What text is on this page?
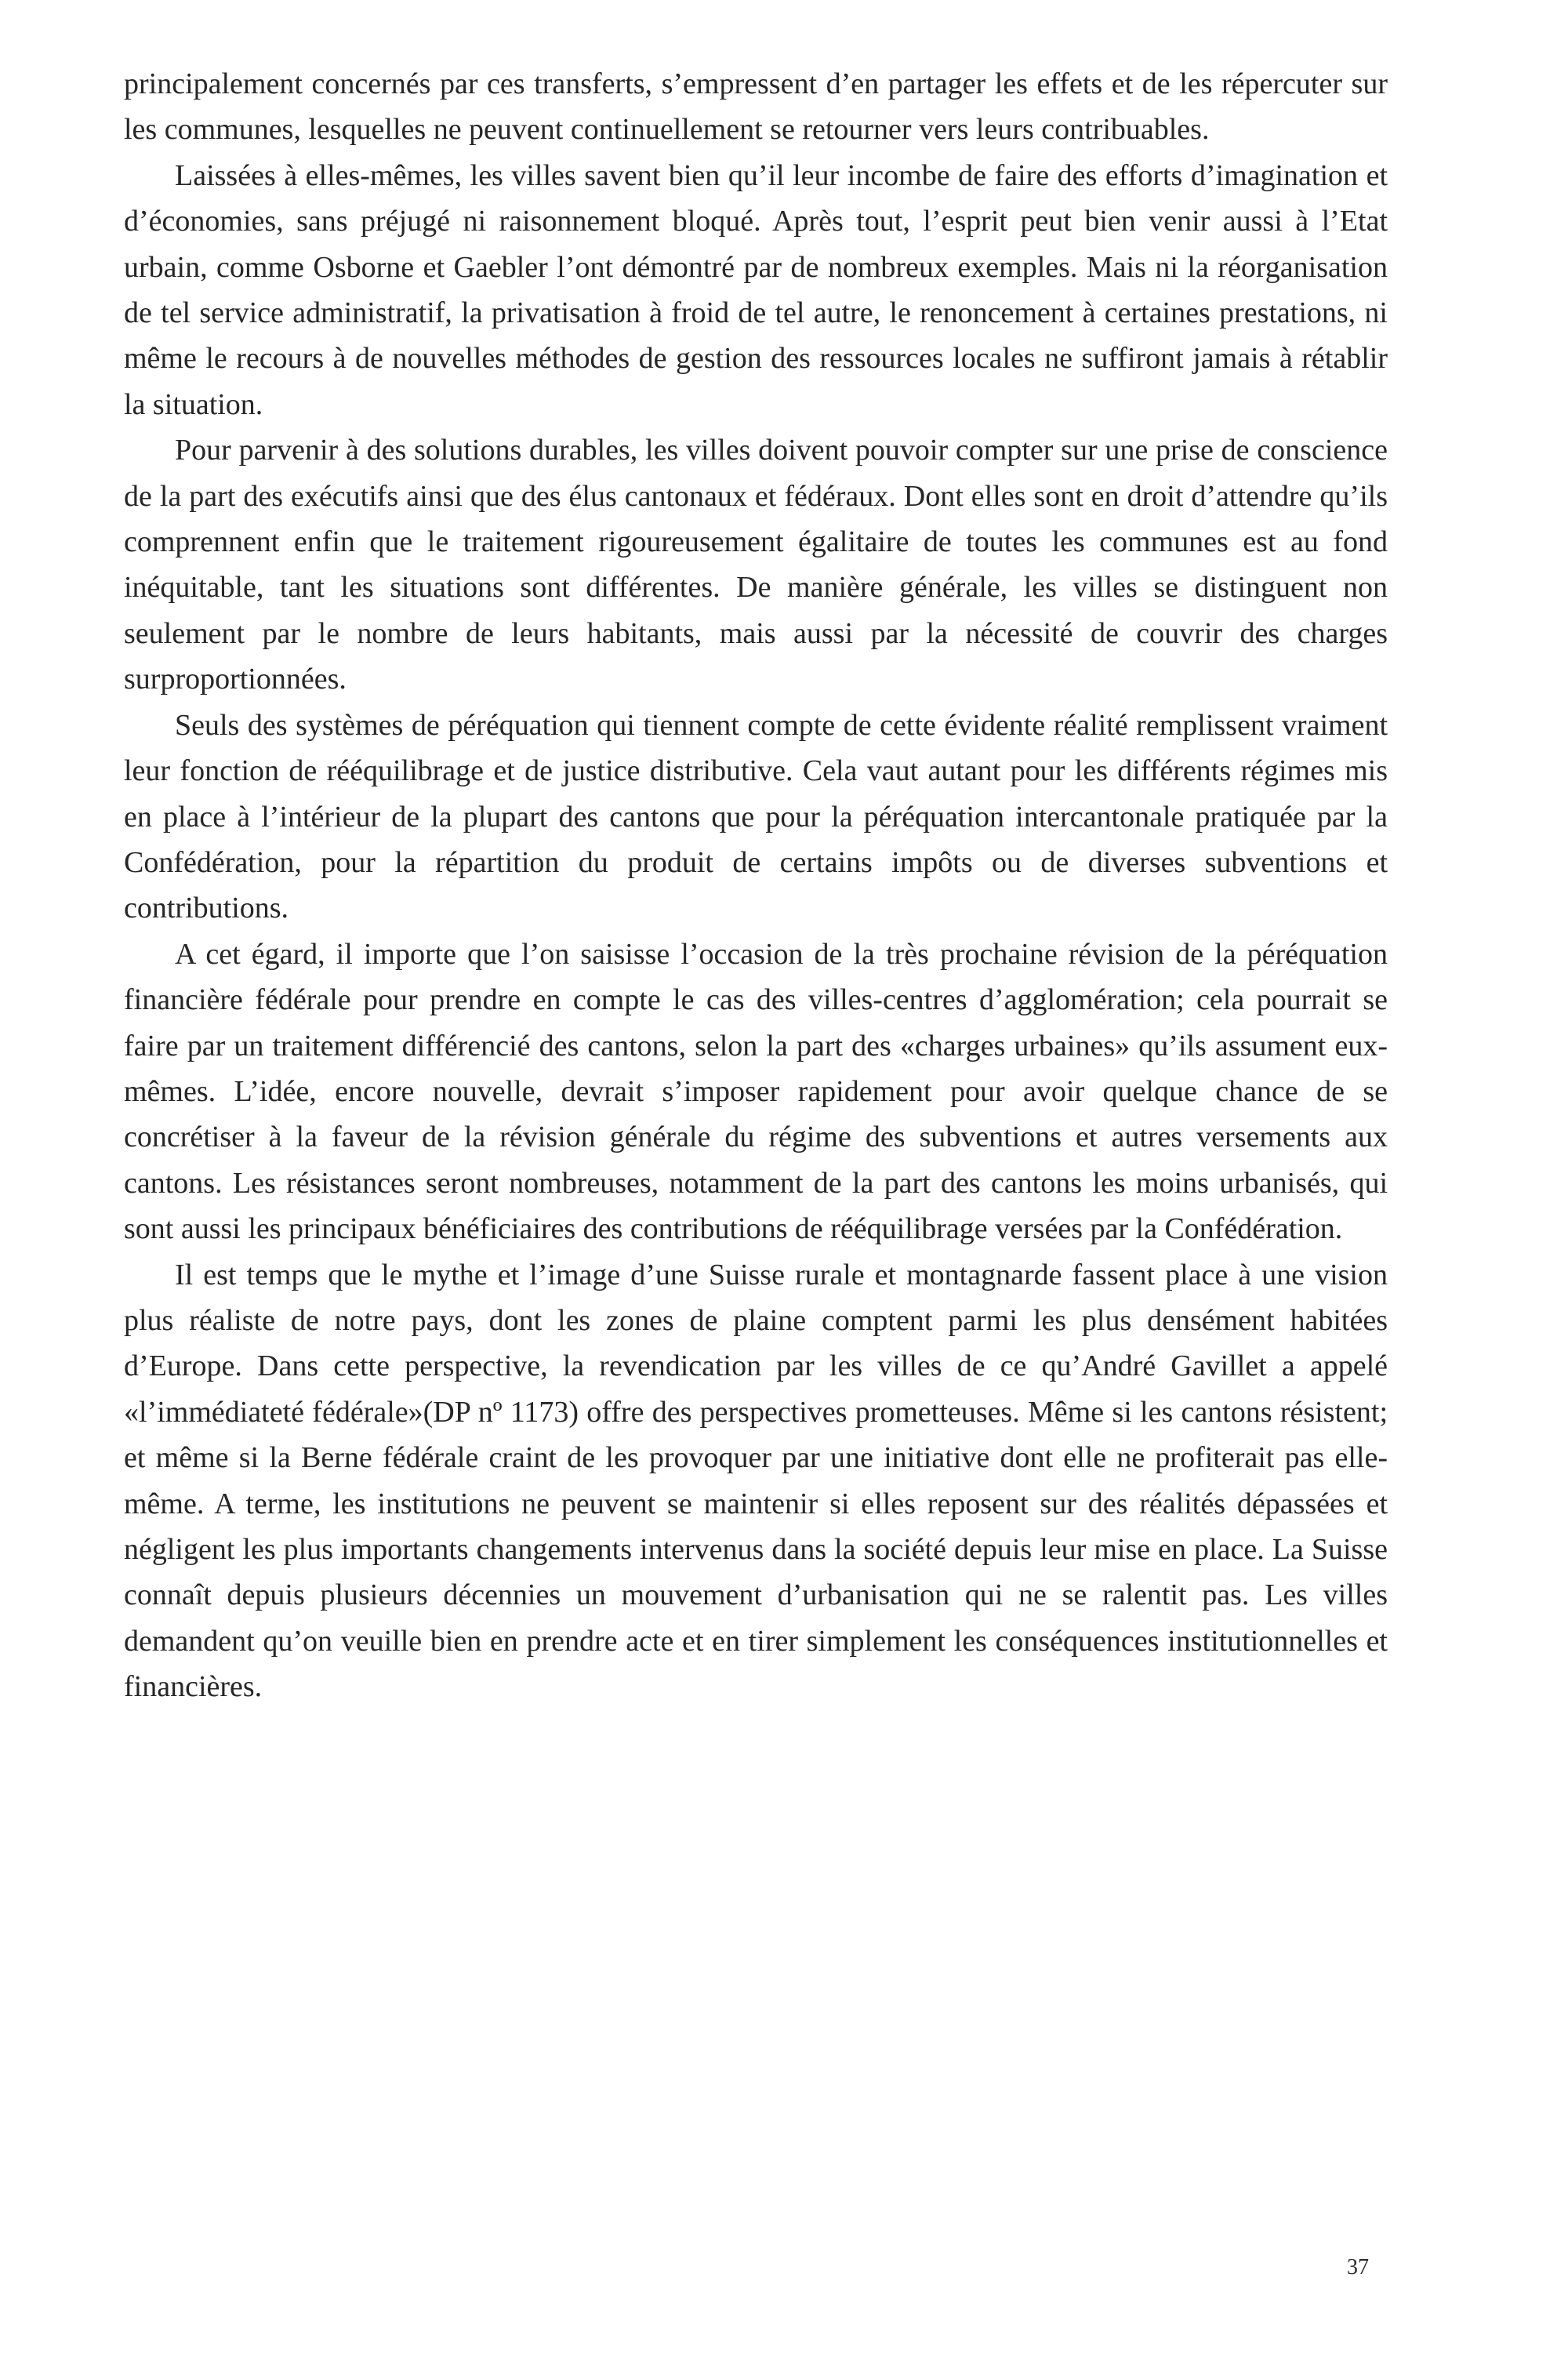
principalement concernés par ces transferts, s’empressent d’en partager les effets et de les répercuter sur les communes, lesquelles ne peuvent continuellement se retourner vers leurs contribuables.

Laissées à elles-mêmes, les villes savent bien qu’il leur incombe de faire des efforts d’imagination et d’économies, sans préjugé ni raisonnement bloqué. Après tout, l’esprit peut bien venir aussi à l’Etat urbain, comme Osborne et Gaebler l’ont démontré par de nombreux exemples. Mais ni la réorganisation de tel service administratif, la privatisation à froid de tel autre, le renoncement à certaines prestations, ni même le recours à de nouvelles méthodes de gestion des ressources locales ne suffiront jamais à rétablir la situation.

Pour parvenir à des solutions durables, les villes doivent pouvoir compter sur une prise de conscience de la part des exécutifs ainsi que des élus cantonaux et fédéraux. Dont elles sont en droit d’attendre qu’ils comprennent enfin que le traitement rigoureusement égalitaire de toutes les communes est au fond inéquitable, tant les situations sont différentes. De manière générale, les villes se distinguent non seulement par le nombre de leurs habitants, mais aussi par la nécessité de couvrir des charges surproportionnées.

Seuls des systèmes de péréquation qui tiennent compte de cette évidente réalité remplissent vraiment leur fonction de rééquilibrage et de justice distributive. Cela vaut autant pour les différents régimes mis en place à l’intérieur de la plupart des cantons que pour la péréquation intercantonale pratiquée par la Confédération, pour la répartition du produit de certains impôts ou de diverses subventions et contributions.

A cet égard, il importe que l’on saisisse l’occasion de la très prochaine révision de la péréquation financière fédérale pour prendre en compte le cas des villes-centres d’agglomération; cela pourrait se faire par un traitement différencié des cantons, selon la part des «charges urbaines» qu’ils assument eux-mêmes. L’idée, encore nouvelle, devrait s’imposer rapidement pour avoir quelque chance de se concrétiser à la faveur de la révision générale du régime des subventions et autres versements aux cantons. Les résistances seront nombreuses, notamment de la part des cantons les moins urbanisés, qui sont aussi les principaux bénéficiaires des contributions de rééquilibrage versées par la Confédération.

Il est temps que le mythe et l’image d’une Suisse rurale et montagnarde fassent place à une vision plus réaliste de notre pays, dont les zones de plaine comptent parmi les plus densément habitées d’Europe. Dans cette perspective, la revendication par les villes de ce qu’André Gavillet a appelé «l’immédiateté fédérale»(DP nº 1173) offre des perspectives prometteuses. Même si les cantons résistent; et même si la Berne fédérale craint de les provoquer par une initiative dont elle ne profiterait pas elle-même. A terme, les institutions ne peuvent se maintenir si elles reposent sur des réalités dépassées et négligent les plus importants changements intervenus dans la société depuis leur mise en place. La Suisse connaît depuis plusieurs décennies un mouvement d’urbanisation qui ne se ralentit pas. Les villes demandent qu’on veuille bien en prendre acte et en tirer simplement les conséquences institutionnelles et financières.

37
